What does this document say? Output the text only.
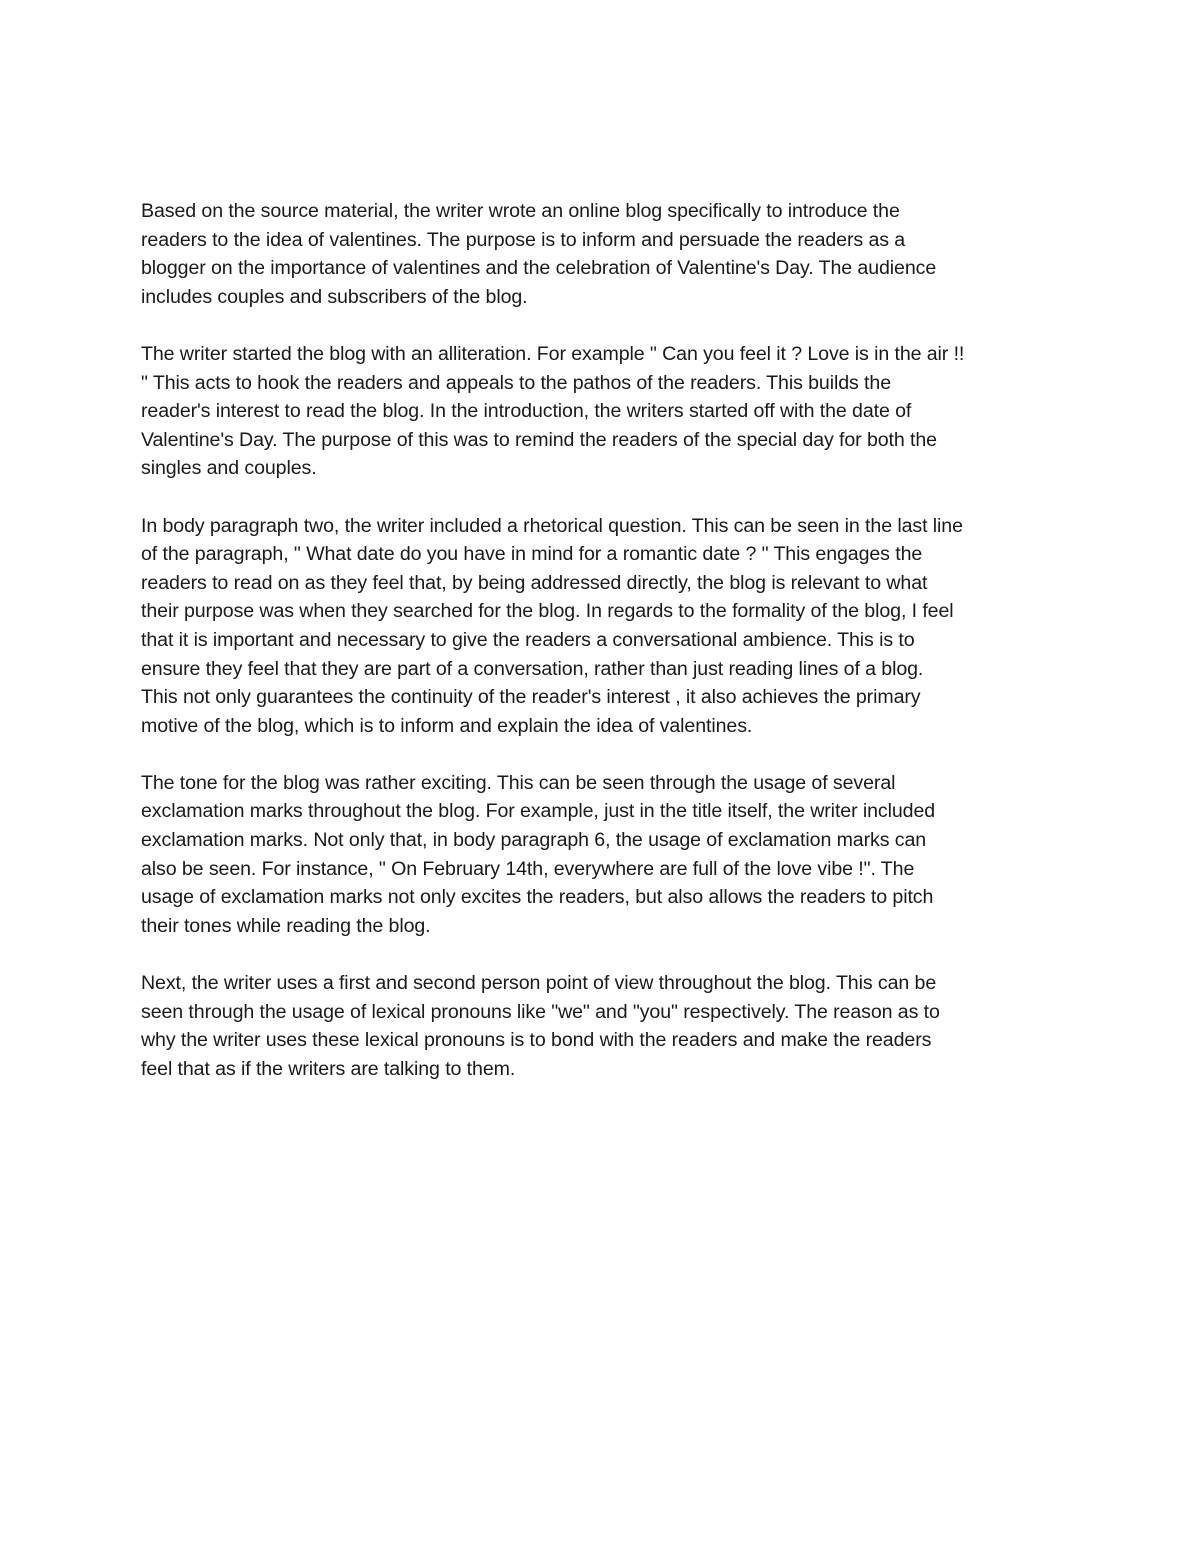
Based on the source material, the writer wrote an online blog specifically to introduce the
readers to the idea of valentines. The purpose is to inform and persuade the readers as a
blogger on the importance of valentines and the celebration of Valentine's Day. The audience
includes couples and subscribers of the blog.

The writer started the blog with an alliteration. For example " Can you feel it ? Love is in the air !!
" This acts to hook the readers and appeals to the pathos of the readers. This builds the
reader's interest to read the blog. In the introduction, the writers started off with the date of
Valentine's Day. The purpose of this was to remind the readers of the special day for both the
singles and couples.

In body paragraph two, the writer included a rhetorical question. This can be seen in the last line
of the paragraph, " What date do you have in mind for a romantic date ? " This engages the
readers to read on as they feel that, by being addressed directly, the blog is relevant to what
their purpose was when they searched for the blog. In regards to the formality of the blog, I feel
that it is important and necessary to give the readers a conversational ambience. This is to
ensure they feel that they are part of a conversation, rather than just reading lines of a blog.
This not only guarantees the continuity of the reader's interest , it also achieves the primary
motive of the blog, which is to inform and explain the idea of valentines.

The tone for the blog was rather exciting. This can be seen through the usage of several
exclamation marks throughout the blog. For example, just in the title itself, the writer included
exclamation marks. Not only that, in body paragraph 6, the usage of exclamation marks can
also be seen. For instance, " On February 14th, everywhere are full of the love vibe !". The
usage of exclamation marks not only excites the readers, but also allows the readers to pitch
their tones while reading the blog.

Next, the writer uses a first and second person point of view throughout the blog. This can be
seen through the usage of lexical pronouns like "we" and "you" respectively. The reason as to
why the writer uses these lexical pronouns is to bond with the readers and make the readers
feel that as if the writers are talking to them.
